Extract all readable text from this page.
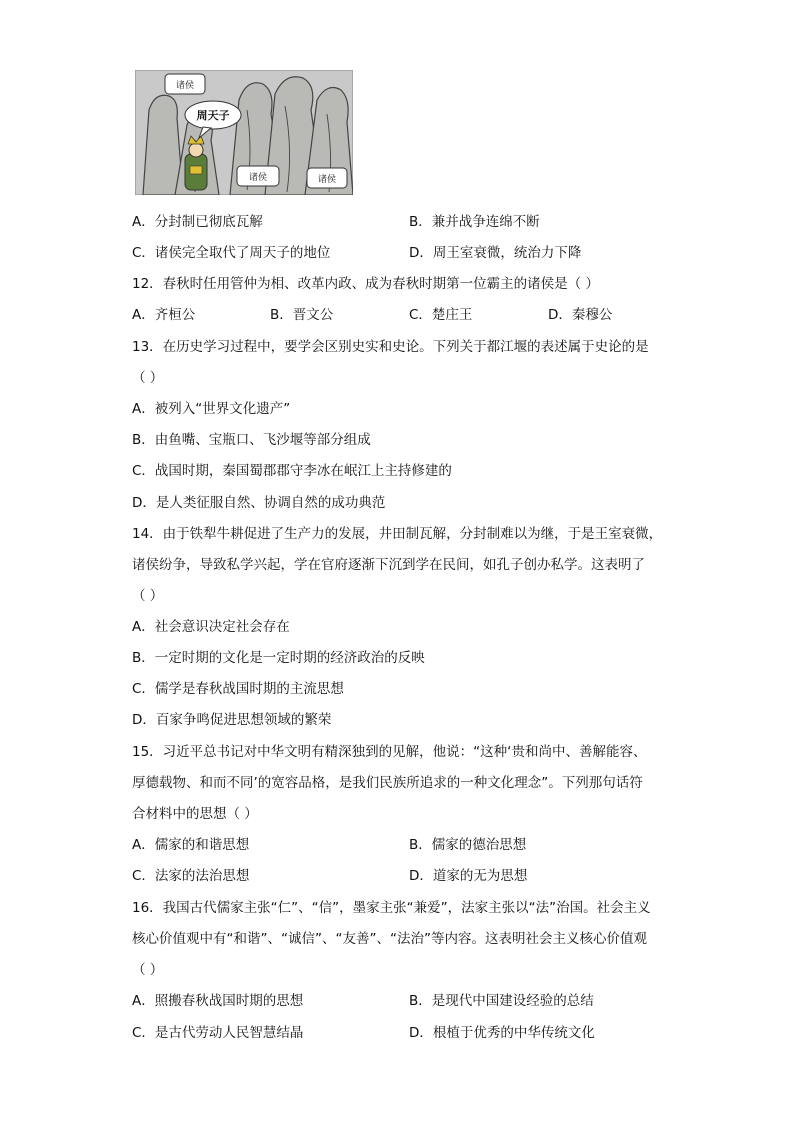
诸侯
周天子
诸侯	诸侯
A．分封制已彻底瓦解	B．兼并战争连绵不断
C．诸侯完全取代了周天子的地位	D．周王室衰微，统治力下降
12．春秋时任用管仲为相、改革内政、成为春秋时期第一位霸主的诸侯是（ ）
A．齐桓公	B．晋文公	C．楚庄王	D．秦穆公
13．在历史学习过程中，要学会区别史实和史论。下列关于都江堰的表述属于史论的是
（ ）
A．被列入“世界文化遗产”
B．由鱼嘴、宝瓶口、飞沙堰等部分组成
C．战国时期，秦国蜀郡郡守李冰在岷江上主持修建的
D．是人类征服自然、协调自然的成功典范
14．由于铁犁牛耕促进了生产力的发展，井田制瓦解，分封制难以为继，于是王室衰微，
诸侯纷争，导致私学兴起，学在官府逐渐下沉到学在民间，如孔子创办私学。这表明了
（ ）
A．社会意识决定社会存在
B．一定时期的文化是一定时期的经济政治的反映
C．儒学是春秋战国时期的主流思想
D．百家争鸣促进思想领域的繁荣
15．习近平总书记对中华文明有精深独到的见解，他说：“这种‘贵和尚中、善解能容、
厚德载物、和而不同’的宽容品格，是我们民族所追求的一种文化理念”。下列那句话符
合材料中的思想（ ）
A．儒家的和谐思想	B．儒家的德治思想
C．法家的法治思想	D．道家的无为思想
16．我国古代儒家主张“仁”、“信”，墨家主张“兼爱”，法家主张以“法”治国。社会主义
核心价值观中有“和谐”、“诚信”、“友善”、“法治”等内容。这表明社会主义核心价值观
（ ）
A．照搬春秋战国时期的思想	B．是现代中国建设经验的总结
C．是古代劳动人民智慧结晶	D．根植于优秀的中华传统文化
